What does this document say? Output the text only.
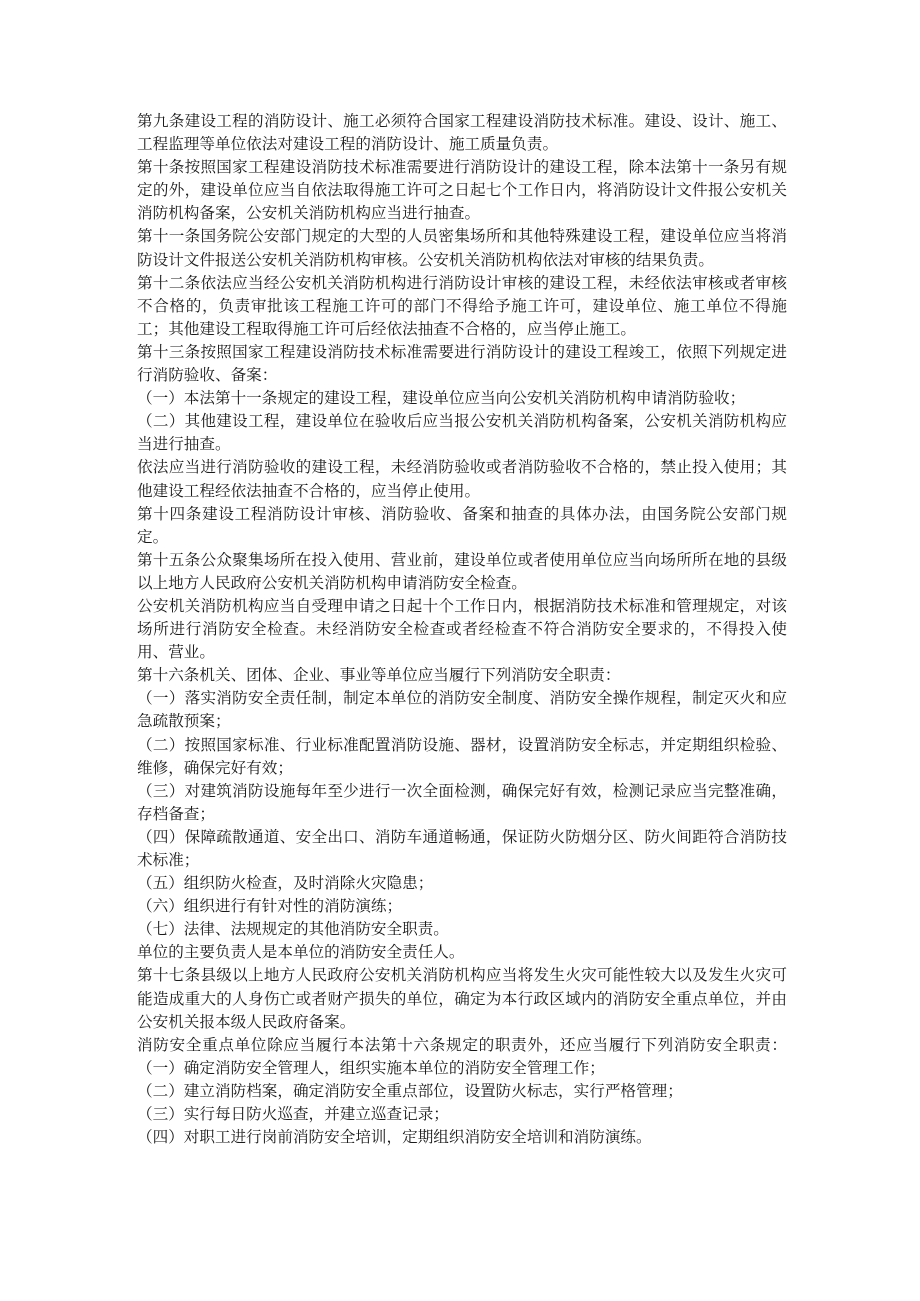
第九条建设工程的消防设计、施工必须符合国家工程建设消防技术标准。建设、设计、施工、工程监理等单位依法对建设工程的消防设计、施工质量负责。

第十条按照国家工程建设消防技术标准需要进行消防设计的建设工程，除本法第十一条另有规定的外，建设单位应当自依法取得施工许可之日起七个工作日内，将消防设计文件报公安机关消防机构备案，公安机关消防机构应当进行抽查。

第十一条国务院公安部门规定的大型的人员密集场所和其他特殊建设工程，建设单位应当将消防设计文件报送公安机关消防机构审核。公安机关消防机构依法对审核的结果负责。

第十二条依法应当经公安机关消防机构进行消防设计审核的建设工程，未经依法审核或者审核不合格的，负责审批该工程施工许可的部门不得给予施工许可，建设单位、施工单位不得施工；其他建设工程取得施工许可后经依法抽查不合格的，应当停止施工。

第十三条按照国家工程建设消防技术标准需要进行消防设计的建设工程竣工，依照下列规定进行消防验收、备案：

（一）本法第十一条规定的建设工程，建设单位应当向公安机关消防机构申请消防验收；

（二）其他建设工程，建设单位在验收后应当报公安机关消防机构备案，公安机关消防机构应当进行抽查。

依法应当进行消防验收的建设工程，未经消防验收或者消防验收不合格的，禁止投入使用；其他建设工程经依法抽查不合格的，应当停止使用。

第十四条建设工程消防设计审核、消防验收、备案和抽查的具体办法，由国务院公安部门规定。

第十五条公众聚集场所在投入使用、营业前，建设单位或者使用单位应当向场所所在地的县级以上地方人民政府公安机关消防机构申请消防安全检查。

公安机关消防机构应当自受理申请之日起十个工作日内，根据消防技术标准和管理规定，对该场所进行消防安全检查。未经消防安全检查或者经检查不符合消防安全要求的，不得投入使用、营业。

第十六条机关、团体、企业、事业等单位应当履行下列消防安全职责：

（一）落实消防安全责任制，制定本单位的消防安全制度、消防安全操作规程，制定灭火和应急疏散预案；

（二）按照国家标准、行业标准配置消防设施、器材，设置消防安全标志，并定期组织检验、维修，确保完好有效；

（三）对建筑消防设施每年至少进行一次全面检测，确保完好有效，检测记录应当完整准确，存档备查；

（四）保障疏散通道、安全出口、消防车通道畅通，保证防火防烟分区、防火间距符合消防技术标准；

（五）组织防火检查，及时消除火灾隐患；

（六）组织进行有针对性的消防演练；

（七）法律、法规规定的其他消防安全职责。

单位的主要负责人是本单位的消防安全责任人。

第十七条县级以上地方人民政府公安机关消防机构应当将发生火灾可能性较大以及发生火灾可能造成重大的人身伤亡或者财产损失的单位，确定为本行政区域内的消防安全重点单位，并由公安机关报本级人民政府备案。

消防安全重点单位除应当履行本法第十六条规定的职责外，还应当履行下列消防安全职责：（一）确定消防安全管理人，组织实施本单位的消防安全管理工作；

（二）建立消防档案，确定消防安全重点部位，设置防火标志，实行严格管理；

（三）实行每日防火巡查，并建立巡查记录；

（四）对职工进行岗前消防安全培训，定期组织消防安全培训和消防演练。
